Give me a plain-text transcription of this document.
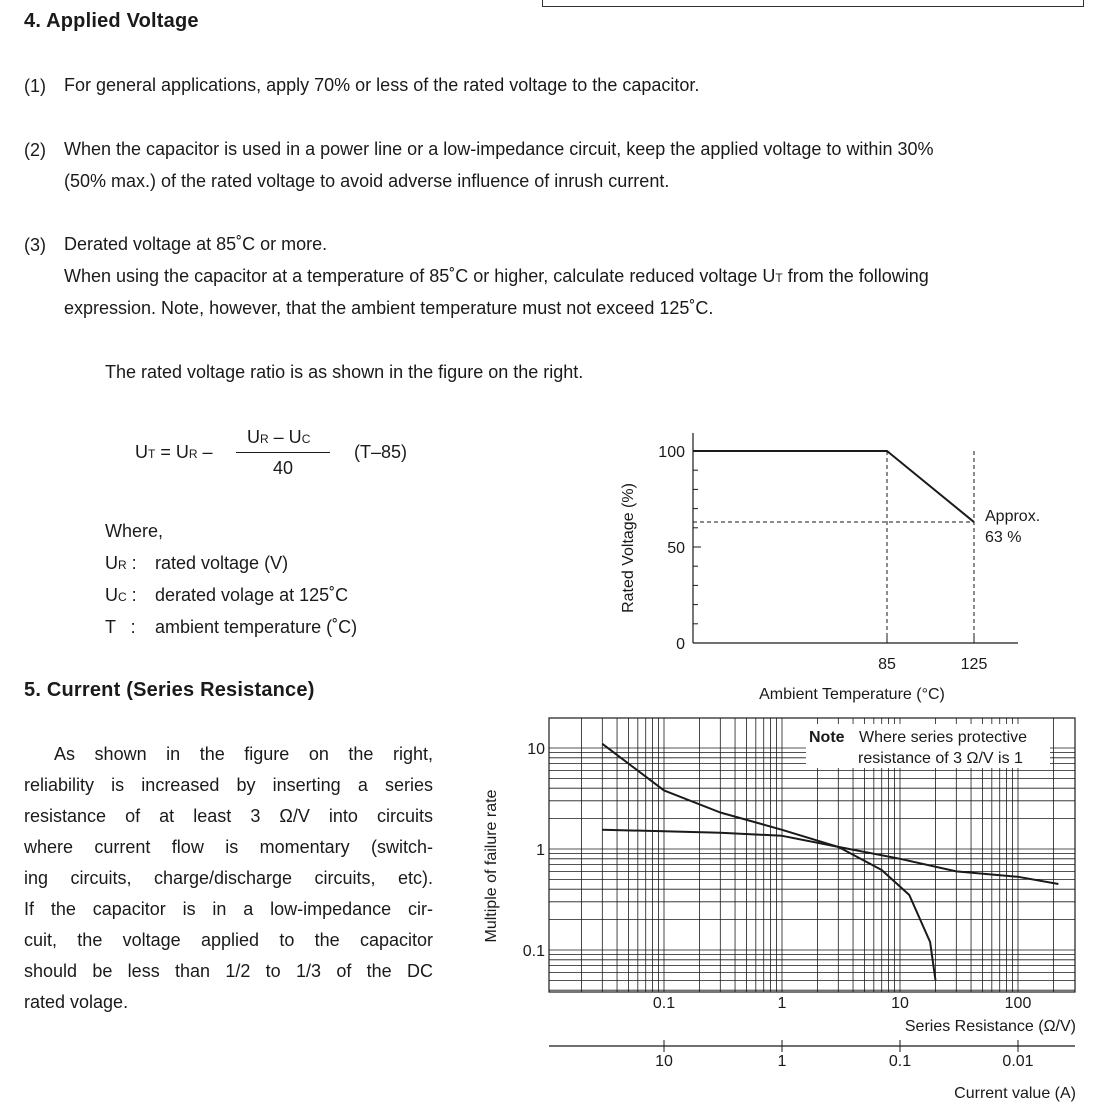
4. Applied Voltage
(1) For general applications, apply 70% or less of the rated voltage to the capacitor.
(2) When the capacitor is used in a power line or a low-impedance circuit, keep the applied voltage to within 30%
(50% max.) of the rated voltage to avoid adverse influence of inrush current.
(3) Derated voltage at 85˚C or more.
When using the capacitor at a temperature of 85˚C or higher, calculate reduced voltage UT from the following
expression. Note, however, that the ambient temperature must not exceed 125˚C.
The rated voltage ratio is as shown in the figure on the right.
UT = UR –
UR – UC
40
(T–85)
Where,
UR : rated voltage (V)
UC : derated volage at 125˚C
T   : ambient temperature (˚C)
5. Current (Series Resistance)
As shown in the figure on the right,
reliability is increased by inserting a series
resistance of at least 3 Ω/V into circuits
where current flow is momentary (switch-
ing circuits, charge/discharge circuits, etc).
If the capacitor is in a low-impedance cir-
cuit, the voltage applied to the capacitor
should be less than 1/2 to 1/3 of the DC
rated volage.
0
50
100
85	125
Ambient Temperature (°C)
Rated Voltage (%)	Approx.
63 %
10
1
0.1
0.1	1	10	100
10	1	0.1	0.01
Note Where series protective
resistance of 3 Ω/V is 1
Series Resistance (Ω/V)
Current value (A)
Multiple of failure rate
